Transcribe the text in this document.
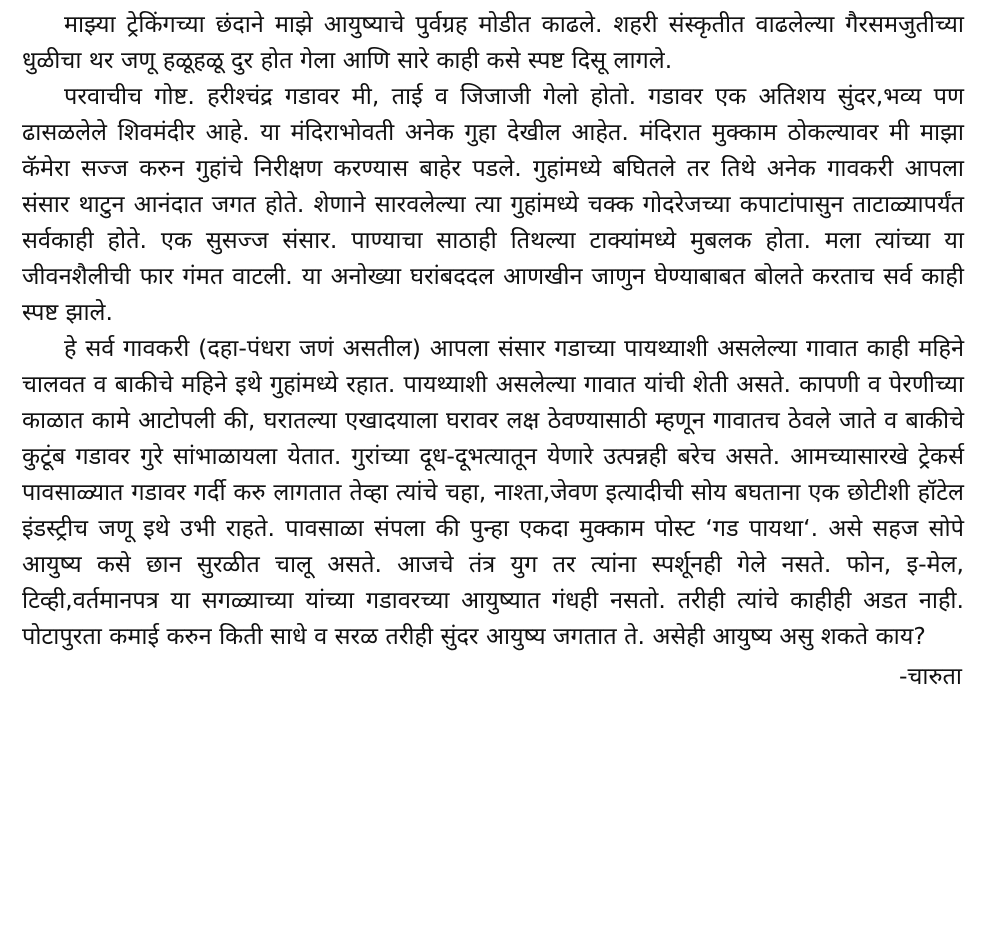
माझ्या ट्रेकिंगच्या छंदाने माझे आयुष्याचे पुर्वग्रह मोडीत काढले. शहरी संस्कृतीत वाढलेल्या गैरसमजुतीच्या धुळीचा थर जणू हळूहळू दुर होत गेला आणि सारे काही कसे स्पष्ट दिसू लागले.

परवाचीच गोष्ट. हरीश्चंद्र गडावर मी, ताई व जिजाजी गेलो होतो. गडावर एक अतिशय सुंदर,भव्य पण ढासळलेले शिवमंदीर आहे. या मंदिराभोवती अनेक गुहा देखील आहेत. मंदिरात मुक्काम ठोकल्यावर मी माझा कॅमेरा सज्ज करुन गुहांचे निरीक्षण करण्यास बाहेर पडले. गुहांमध्ये बघितले तर तिथे अनेक गावकरी आपला संसार थाटुन आनंदात जगत होते. शेणाने सारवलेल्या त्या गुहांमध्ये चक्क गोदरेजच्या कपाटांपासुन ताटाळ्यापर्यंत सर्वकाही होते. एक सुसज्ज संसार. पाण्याचा साठाही तिथल्या टाक्यांमध्ये मुबलक होता. मला त्यांच्या या जीवनशैलीची फार गंमत वाटली. या अनोख्या घरांबददल आणखीन जाणुन घेण्याबाबत बोलते करताच सर्व काही स्पष्ट झाले.

हे सर्व गावकरी (दहा-पंधरा जणं असतील) आपला संसार गडाच्या पायथ्याशी असलेल्या गावात काही महिने चालवत व बाकीचे महिने इथे गुहांमध्ये रहात. पायथ्याशी असलेल्या गावात यांची शेती असते. कापणी व पेरणीच्या काळात कामे आटोपली की, घरातल्या एखादयाला घरावर लक्ष ठेवण्यासाठी म्हणून गावातच ठेवले जाते व बाकीचे कुटूंब गडावर गुरे सांभाळायला येतात. गुरांच्या दूध-दूभत्यातून येणारे उत्पन्नही बरेच असते. आमच्यासारखे ट्रेकर्स पावसाळ्यात गडावर गर्दी करु लागतात तेव्हा त्यांचे चहा, नाश्ता,जेवण इत्यादीची सोय बघताना एक छोटीशी हॉटेल इंडस्ट्रीच जणू इथे उभी राहते. पावसाळा संपला की पुन्हा एकदा मुक्काम पोस्ट ‘गड पायथा‘. असे सहज सोपे आयुष्य कसे छान सुरळीत चालू असते. आजचे तंत्र युग तर त्यांना स्पर्शूनही गेले नसते. फोन, इ-मेल, टिव्ही,वर्तमानपत्र या सगळ्याच्या यांच्या गडावरच्या आयुष्यात गंधही नसतो. तरीही त्यांचे काहीही अडत नाही. पोटापुरता कमाई करुन किती साधे व सरळ तरीही सुंदर आयुष्य जगतात ते. असेही आयुष्य असु शकते काय?

-चारुता
